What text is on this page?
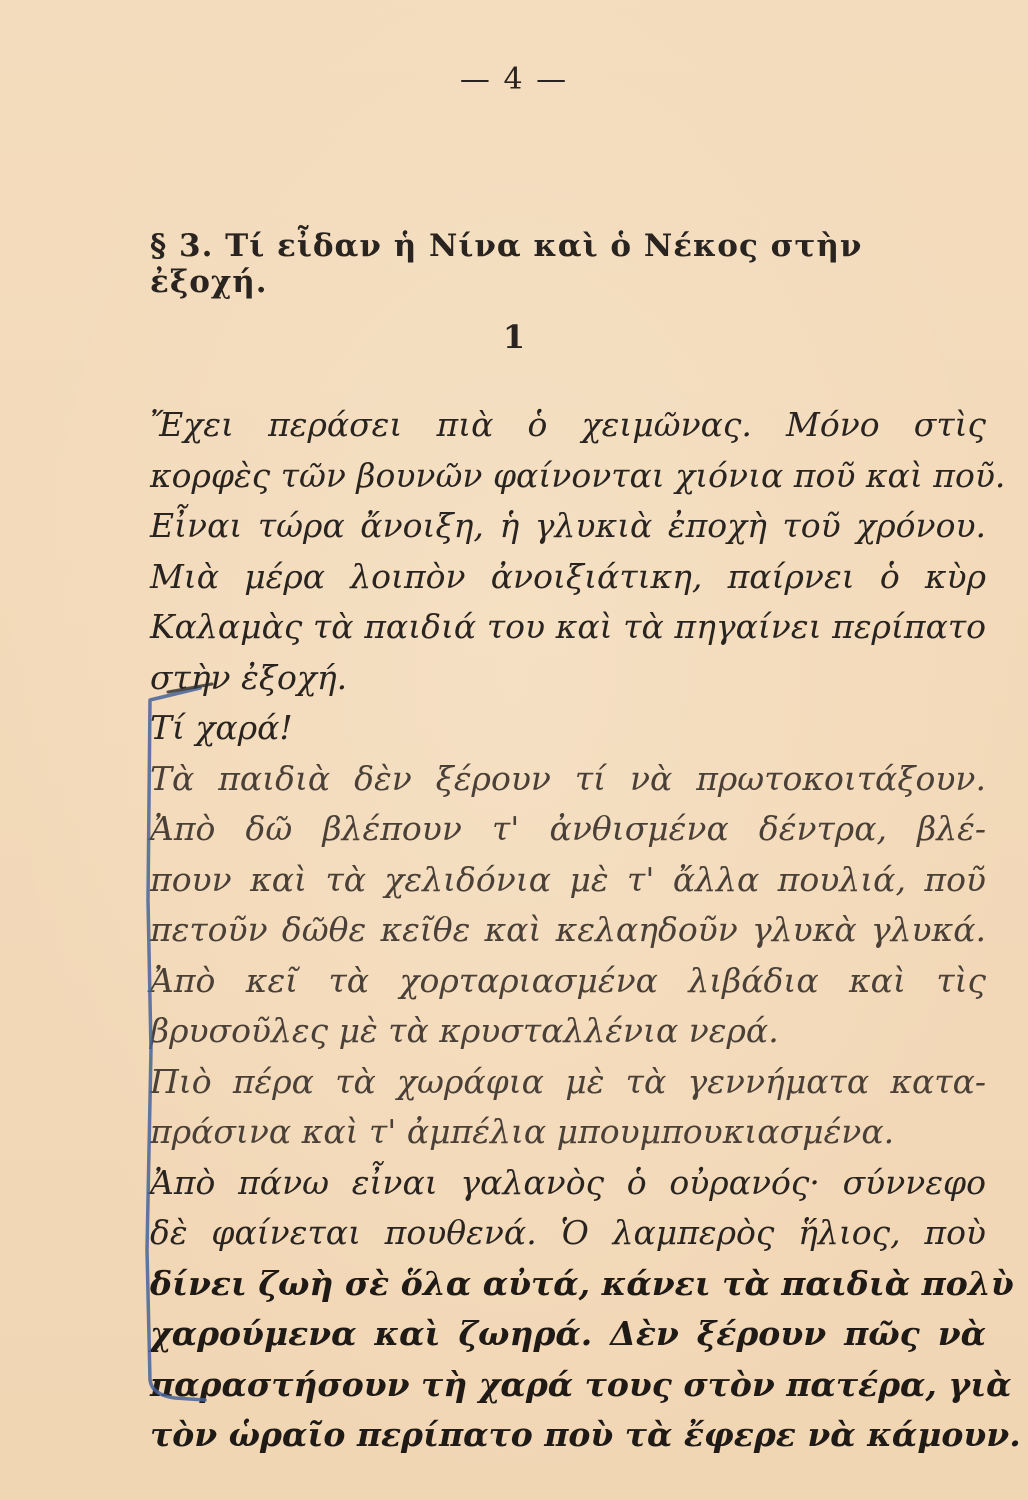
— 4 —
§ 3. Τί εἶδαν ἡ Νίνα καὶ ὁ Νέκος στὴν ἐξοχή.
1
Ἔχει περάσει πιὰ ὁ χειμῶνας. Μόνο στὶς
κορφὲς τῶν βουνῶν φαίνονται χιόνια ποῦ καὶ ποῦ.
Εἶναι τώρα ἄνοιξη, ἡ γλυκιὰ ἐποχὴ τοῦ χρόνου.
Μιὰ μέρα λοιπὸν ἀνοιξιάτικη, παίρνει ὁ κὺρ
Καλαμὰς τὰ παιδιά του καὶ τὰ πηγαίνει περίπατο
στὴν ἐξοχή.
Τί χαρά!
Τὰ παιδιὰ δὲν ξέρουν τί νὰ πρωτοκοιτάξουν.
Ἀπὸ δῶ βλέπουν τ' ἀνθισμένα δέντρα, βλέ-
πουν καὶ τὰ χελιδόνια μὲ τ' ἄλλα πουλιά, ποῦ
πετοῦν δῶθε κεῖθε καὶ κελαηδοῦν γλυκὰ γλυκά.
Ἀπὸ κεῖ τὰ χορταριασμένα λιβάδια καὶ τὶς
βρυσοῦλες μὲ τὰ κρυσταλλένια νερά.
Πιὸ πέρα τὰ χωράφια μὲ τὰ γεννήματα κατα-
πράσινα καὶ τ' ἀμπέλια μπουμπουκιασμένα.
Ἀπὸ πάνω εἶναι γαλανὸς ὁ οὐρανός· σύννεφο
δὲ φαίνεται πουθενά. Ὁ λαμπερὸς ἥλιος, ποὺ
δίνει ζωὴ σὲ ὅλα αὐτά, κάνει τὰ παιδιὰ πολὺ
χαρούμενα καὶ ζωηρά. Δὲν ξέρουν πῶς νὰ
παραστήσουν τὴ χαρά τους στὸν πατέρα, γιὰ
τὸν ὡραῖο περίπατο ποὺ τὰ ἔφερε νὰ κάμουν.
